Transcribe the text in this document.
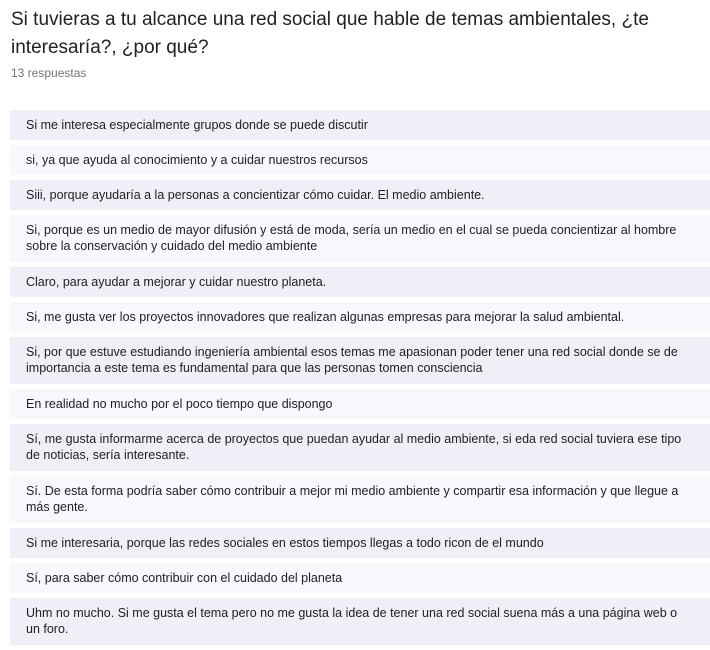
Si tuvieras a tu alcance una red social que hable de temas ambientales, ¿te interesaría?, ¿por qué?
13 respuestas
Si me interesa especialmente grupos donde se puede discutir
si, ya que ayuda al conocimiento y a cuidar nuestros recursos
Siii, porque ayudaría a la personas a concientizar cómo cuidar. El medio ambiente.
Si, porque es un medio de mayor difusión y está de moda, sería un medio en el cual se pueda concientizar al hombre sobre la conservación y cuidado del medio ambiente
Claro, para ayudar a mejorar y cuidar nuestro planeta.
Si, me gusta ver los proyectos innovadores que realizan algunas empresas para mejorar la salud ambiental.
Si, por que estuve estudiando ingeniería ambiental esos temas me apasionan poder tener una red social donde se de importancia a este tema es fundamental para que las personas tomen consciencia
En realidad no mucho por el poco tiempo que dispongo
Sí, me gusta informarme acerca de proyectos que puedan ayudar al medio ambiente, si eda red social tuviera ese tipo de noticias, sería interesante.
Sí. De esta forma podría saber cómo contribuir a mejor mi medio ambiente y compartir esa información y que llegue a más gente.
Si me interesaria, porque las redes sociales en estos tiempos llegas a todo ricon de el mundo
Sí, para saber cómo contribuir con el cuidado del planeta
Uhm no mucho. Si me gusta el tema pero no me gusta la idea de tener una red social suena más a una página web o un foro.
